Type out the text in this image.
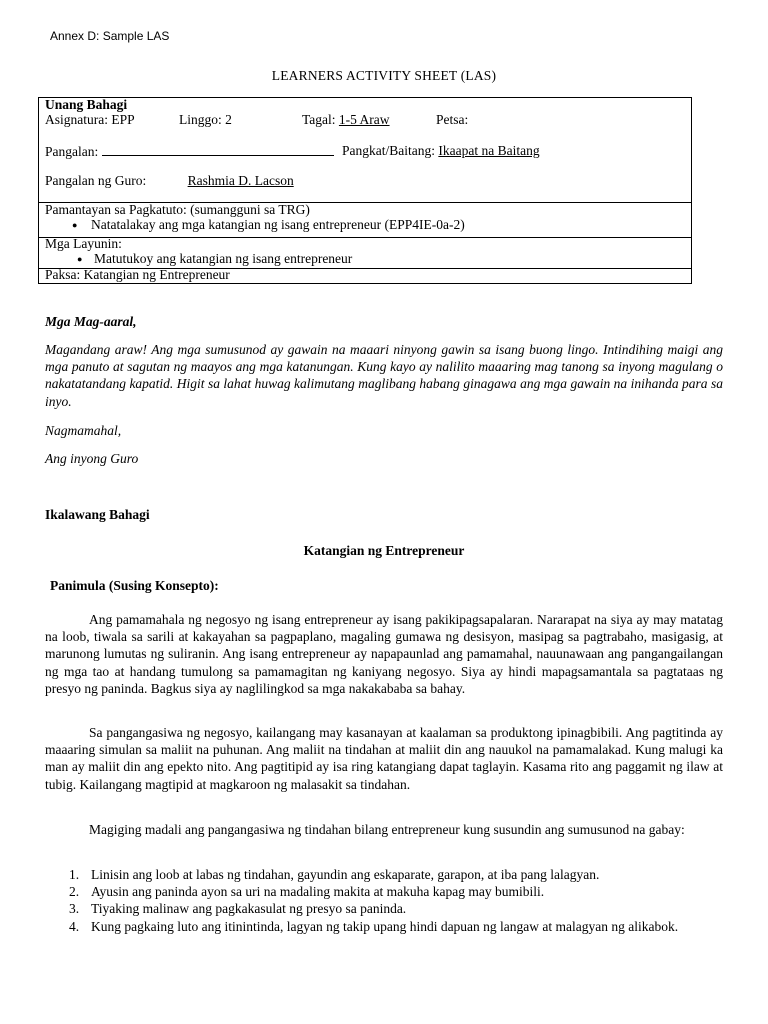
Annex D: Sample LAS
LEARNERS ACTIVITY SHEET (LAS)
Unang Bahagi
Asignatura: EPP	Linggo: 2	Tagal: 1-5 Araw	Petsa:
Pangalan:	Pangkat/Baitang: Ikaapat na Baitang
Pangalan ng Guro:	Rashmia D. Lacson
Pamantayan sa Pagkatuto: (sumangguni sa TRG)
● Natatalakay ang mga katangian ng isang entrepreneur (EPP4IE-0a-2)
Mga Layunin:
● Matutukoy ang katangian ng isang entrepreneur
Paksa: Katangian ng Entrepreneur
Mga Mag-aaral,
Magandang araw! Ang mga sumusunod ay gawain na maaari ninyong gawin sa isang buong lingo. Intindihing maigi ang mga panuto at sagutan ng maayos ang mga katanungan. Kung kayo ay nalilito maaaring mag tanong sa inyong magulang o nakatatandang kapatid. Higit sa lahat huwag kalimutang maglibang habang ginagawa ang mga gawain na inihanda para sa inyo.
Nagmamahal,
Ang inyong Guro
Ikalawang Bahagi
Katangian ng Entrepreneur
Panimula (Susing Konsepto):
Ang pamamahala ng negosyo ng isang entrepreneur ay isang pakikipagsapalaran. Nararapat na siya ay may matatag na loob, tiwala sa sarili at kakayahan sa pagpaplano, magaling gumawa ng desisyon, masipag sa pagtrabaho, masigasig, at marunong lumutas ng suliranin. Ang isang entrepreneur ay napapaunlad ang pamamahal, nauunawaan ang pangangailangan ng mga tao at handang tumulong sa pamamagitan ng kaniyang negosyo. Siya ay hindi mapagsamantala sa pagtataas ng presyo ng paninda. Bagkus siya ay naglilingkod sa mga nakakababa sa bahay.
Sa pangangasiwa ng negosyo, kailangang may kasanayan at kaalaman sa produktong ipinagbibili. Ang pagtitinda ay maaaring simulan sa maliit na puhunan. Ang maliit na tindahan at maliit din ang nauukol na pamamalakad. Kung malugi ka man ay maliit din ang epekto nito. Ang pagtitipid ay isa ring katangiang dapat taglayin. Kasama rito ang paggamit ng ilaw at tubig. Kailangang magtipid at magkaroon ng malasakit sa tindahan.
Magiging madali ang pangangasiwa ng tindahan bilang entrepreneur kung susundin ang sumusunod na gabay:
1. Linisin ang loob at labas ng tindahan, gayundin ang eskaparate, garapon, at iba pang lalagyan.
2. Ayusin ang paninda ayon sa uri na madaling makita at makuha kapag may bumibili.
3. Tiyaking malinaw ang pagkakasulat ng presyo sa paninda.
4. Kung pagkaing luto ang itinintinda, lagyan ng takip upang hindi dapuan ng langaw at malagyan ng alikabok.
